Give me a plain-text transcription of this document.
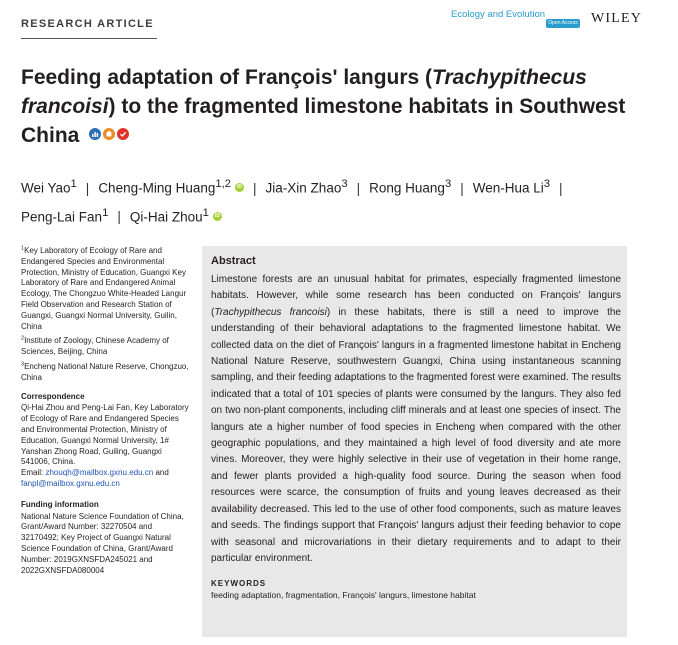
RESEARCH ARTICLE
Ecology and Evolution
Open Access WILEY
Feeding adaptation of François' langurs (Trachypithecus francoisi) to the fragmented limestone habitats in Southwest China
Wei Yao$^1$ | Cheng-Ming Huang$^{1,2}$ iD | Jia-Xin Zhao$^3$ | Rong Huang$^3$ | Wen-Hua Li$^3$ |
Peng-Lai Fan$^1$ | Qi-Hai Zhou$^1$ iD
$^1$Key Laboratory of Ecology of Rare and Endangered Species and Environmental Protection, Ministry of Education, Guangxi Key Laboratory of Rare and Endangered Animal Ecology, The Chongzuo White-Headed Langur Field Observation and Research Station of Guangxi, Guangxi Normal University, Guilin, China
$^2$Institute of Zoology, Chinese Academy of Sciences, Beijing, China
$^3$Encheng National Nature Reserve, Chongzuo, China
Correspondence
Qi-Hai Zhou and Peng-Lai Fan, Key Laboratory of Ecology of Rare and Endangered Species and Environmental Protection, Ministry of Education, Guangxi Normal University, 1# Yanshan Zhong Road, Guiling, Guangxi 541006, China.
Email: zhouqh@mailbox.gxnu.edu.cn and
fanpl@mailbox.gxnu.edu.cn
Funding information
National Nature Science Foundation of China, Grant/Award Number: 32270504 and 32170492; Key Project of Guangxi Natural Science Foundation of China, Grant/Award Number: 2019GXNSFDA245021 and 2022GXNSFDA080004
Abstract

Limestone forests are an unusual habitat for primates, especially fragmented limestone habitats. However, while some research has been conducted on François' langurs (Trachypithecus francoisi) in these habitats, there is still a need to improve the understanding of their behavioral adaptations to the fragmented limestone habitat. We collected data on the diet of François' langurs in a fragmented limestone habitat in Encheng National Nature Reserve, southwestern Guangxi, China using instantaneous scanning sampling, and their feeding adaptations to the fragmented forest were examined. The results indicated that a total of 101 species of plants were consumed by the langurs. They also fed on two non-plant components, including cliff minerals and at least one species of insect. The langurs ate a higher number of food species in Encheng when compared with the other geographic populations, and they maintained a high level of food diversity and ate more vines. Moreover, they were highly selective in their use of vegetation in their home range, and fewer plants provided a high-quality food source. During the season when food resources were scarce, the consumption of fruits and young leaves decreased as their availability decreased. This led to the use of other food components, such as mature leaves and seeds. The findings support that François' langurs adjust their feeding behavior to cope with seasonal and microvariations in their dietary requirements and to adapt to their particular environment.

KEYWORDS
feeding adaptation, fragmentation, François' langurs, limestone habitat
